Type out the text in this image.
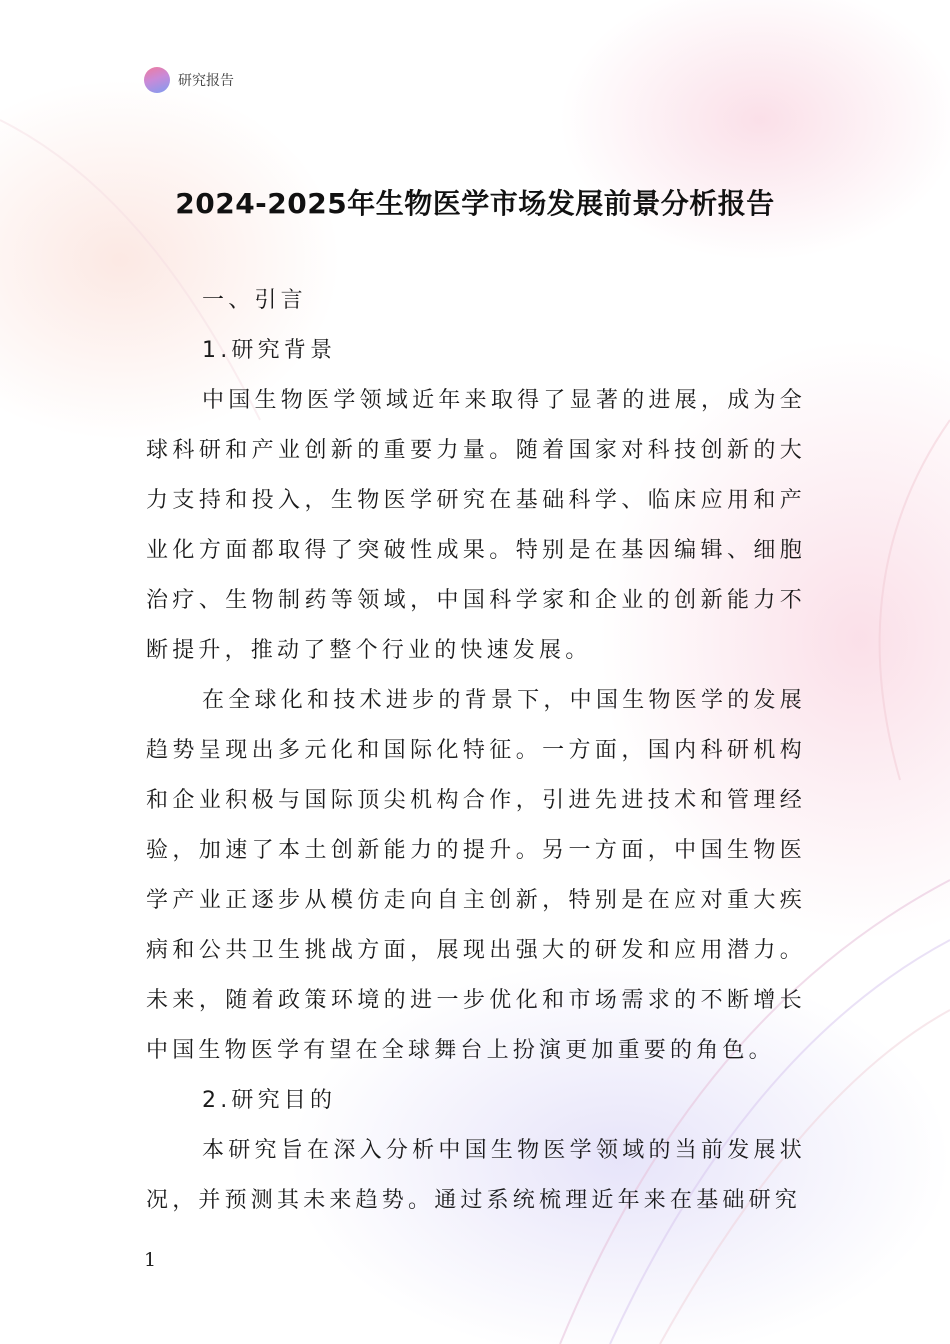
研究报告
2024-2025年生物医学市场发展前景分析报告

一、引言

1.研究背景

中国生物医学领域近年来取得了显著的进展，成为全球科研和产业创新的重要力量。随着国家对科技创新的大力支持和投入，生物医学研究在基础科学、临床应用和产业化方面都取得了突破性成果。特别是在基因编辑、细胞治疗、生物制药等领域，中国科学家和企业的创新能力不断提升，推动了整个行业的快速发展。

在全球化和技术进步的背景下，中国生物医学的发展趋势呈现出多元化和国际化特征。一方面，国内科研机构和企业积极与国际顶尖机构合作，引进先进技术和管理经验，加速了本土创新能力的提升。另一方面，中国生物医学产业正逐步从模仿走向自主创新，特别是在应对重大疾病和公共卫生挑战方面，展现出强大的研发和应用潜力。未来，随着政策环境的进一步优化和市场需求的不断增长中国生物医学有望在全球舞台上扮演更加重要的角色。

2.研究目的

本研究旨在深入分析中国生物医学领域的当前发展状况，并预测其未来趋势。通过系统梳理近年来在基础研究

1
